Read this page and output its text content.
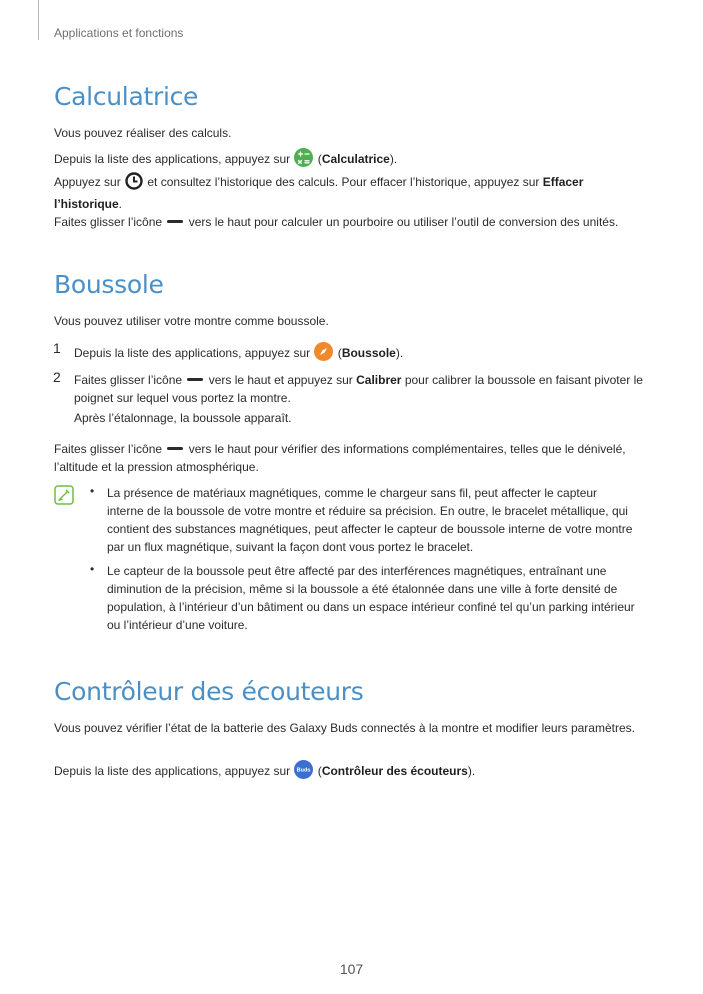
Applications et fonctions
Calculatrice

Vous pouvez réaliser des calculs.

Depuis la liste des applications, appuyez sur  (Calculatrice).

Appuyez sur  et consultez l’historique des calculs. Pour effacer l’historique, appuyez sur Effacer l’historique.

Faites glisser l’icône  vers le haut pour calculer un pourboire ou utiliser l’outil de conversion des unités.

Boussole

Vous pouvez utiliser votre montre comme boussole.

1 Depuis la liste des applications, appuyez sur  (Boussole).

2 Faites glisser l’icône  vers le haut et appuyez sur Calibrer pour calibrer la boussole en faisant pivoter le poignet sur lequel vous portez la montre.

Après l’étalonnage, la boussole apparaît.

Faites glisser l’icône  vers le haut pour vérifier des informations complémentaires, telles que le dénivelé, l’altitude et la pression atmosphérique.

• La présence de matériaux magnétiques, comme le chargeur sans fil, peut affecter le capteur interne de la boussole de votre montre et réduire sa précision. En outre, le bracelet métallique, qui contient des substances magnétiques, peut affecter le capteur de boussole interne de votre montre par un flux magnétique, suivant la façon dont vous portez le bracelet.

• Le capteur de la boussole peut être affecté par des interférences magnétiques, entraînant une diminution de la précision, même si la boussole a été étalonnée dans une ville à forte densité de population, à l’intérieur d’un bâtiment ou dans un espace intérieur confiné tel qu’un parking intérieur ou l’intérieur d’une voiture.

Contrôleur des écouteurs

Vous pouvez vérifier l’état de la batterie des Galaxy Buds connectés à la montre et modifier leurs paramètres.

Depuis la liste des applications, appuyez sur Buds (Contrôleur des écouteurs).

107
